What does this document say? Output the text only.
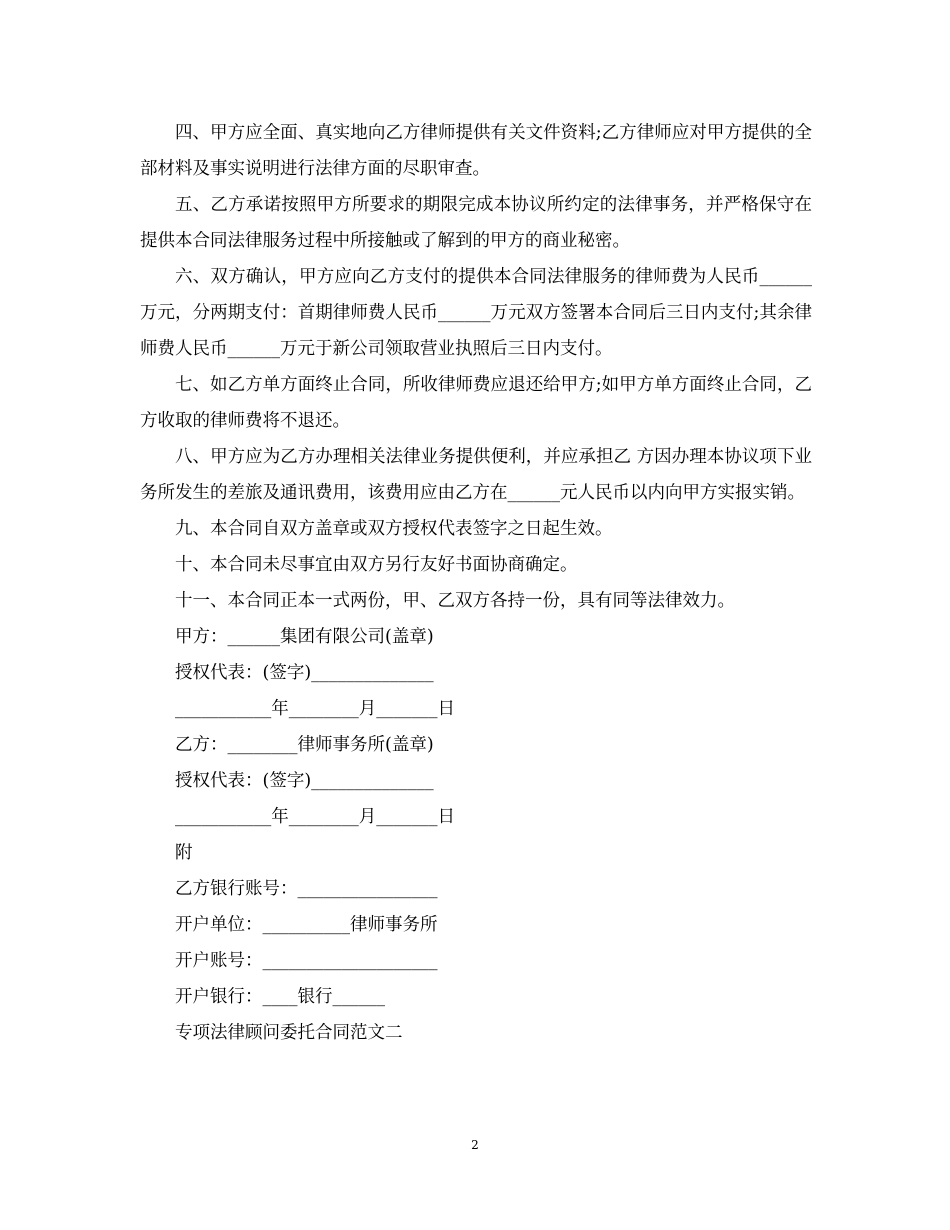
四、甲方应全面、真实地向乙方律师提供有关文件资料;乙方律师应对甲方提供的全部材料及事实说明进行法律方面的尽职审查。

五、乙方承诺按照甲方所要求的期限完成本协议所约定的法律事务，并严格保守在提供本合同法律服务过程中所接触或了解到的甲方的商业秘密。

六、双方确认，甲方应向乙方支付的提供本合同法律服务的律师费为人民币______万元，分两期支付：首期律师费人民币______万元双方签署本合同后三日内支付;其余律师费人民币______万元于新公司领取营业执照后三日内支付。

七、如乙方单方面终止合同，所收律师费应退还给甲方;如甲方单方面终止合同，乙方收取的律师费将不退还。

八、甲方应为乙方办理相关法律业务提供便利，并应承担乙 方因办理本协议项下业务所发生的差旅及通讯费用，该费用应由乙方在______元人民币以内向甲方实报实销。

九、本合同自双方盖章或双方授权代表签字之日起生效。

十、本合同未尽事宜由双方另行友好书面协商确定。

十一、本合同正本一式两份，甲、乙双方各持一份，具有同等法律效力。

甲方：______集团有限公司(盖章)

授权代表：(签字)______________

___________年________月_______日

乙方：________律师事务所(盖章)

授权代表：(签字)______________

___________年________月_______日

附

乙方银行账号：________________

开户单位：__________律师事务所

开户账号：____________________

开户银行：____银行______

专项法律顾问委托合同范文二

2
